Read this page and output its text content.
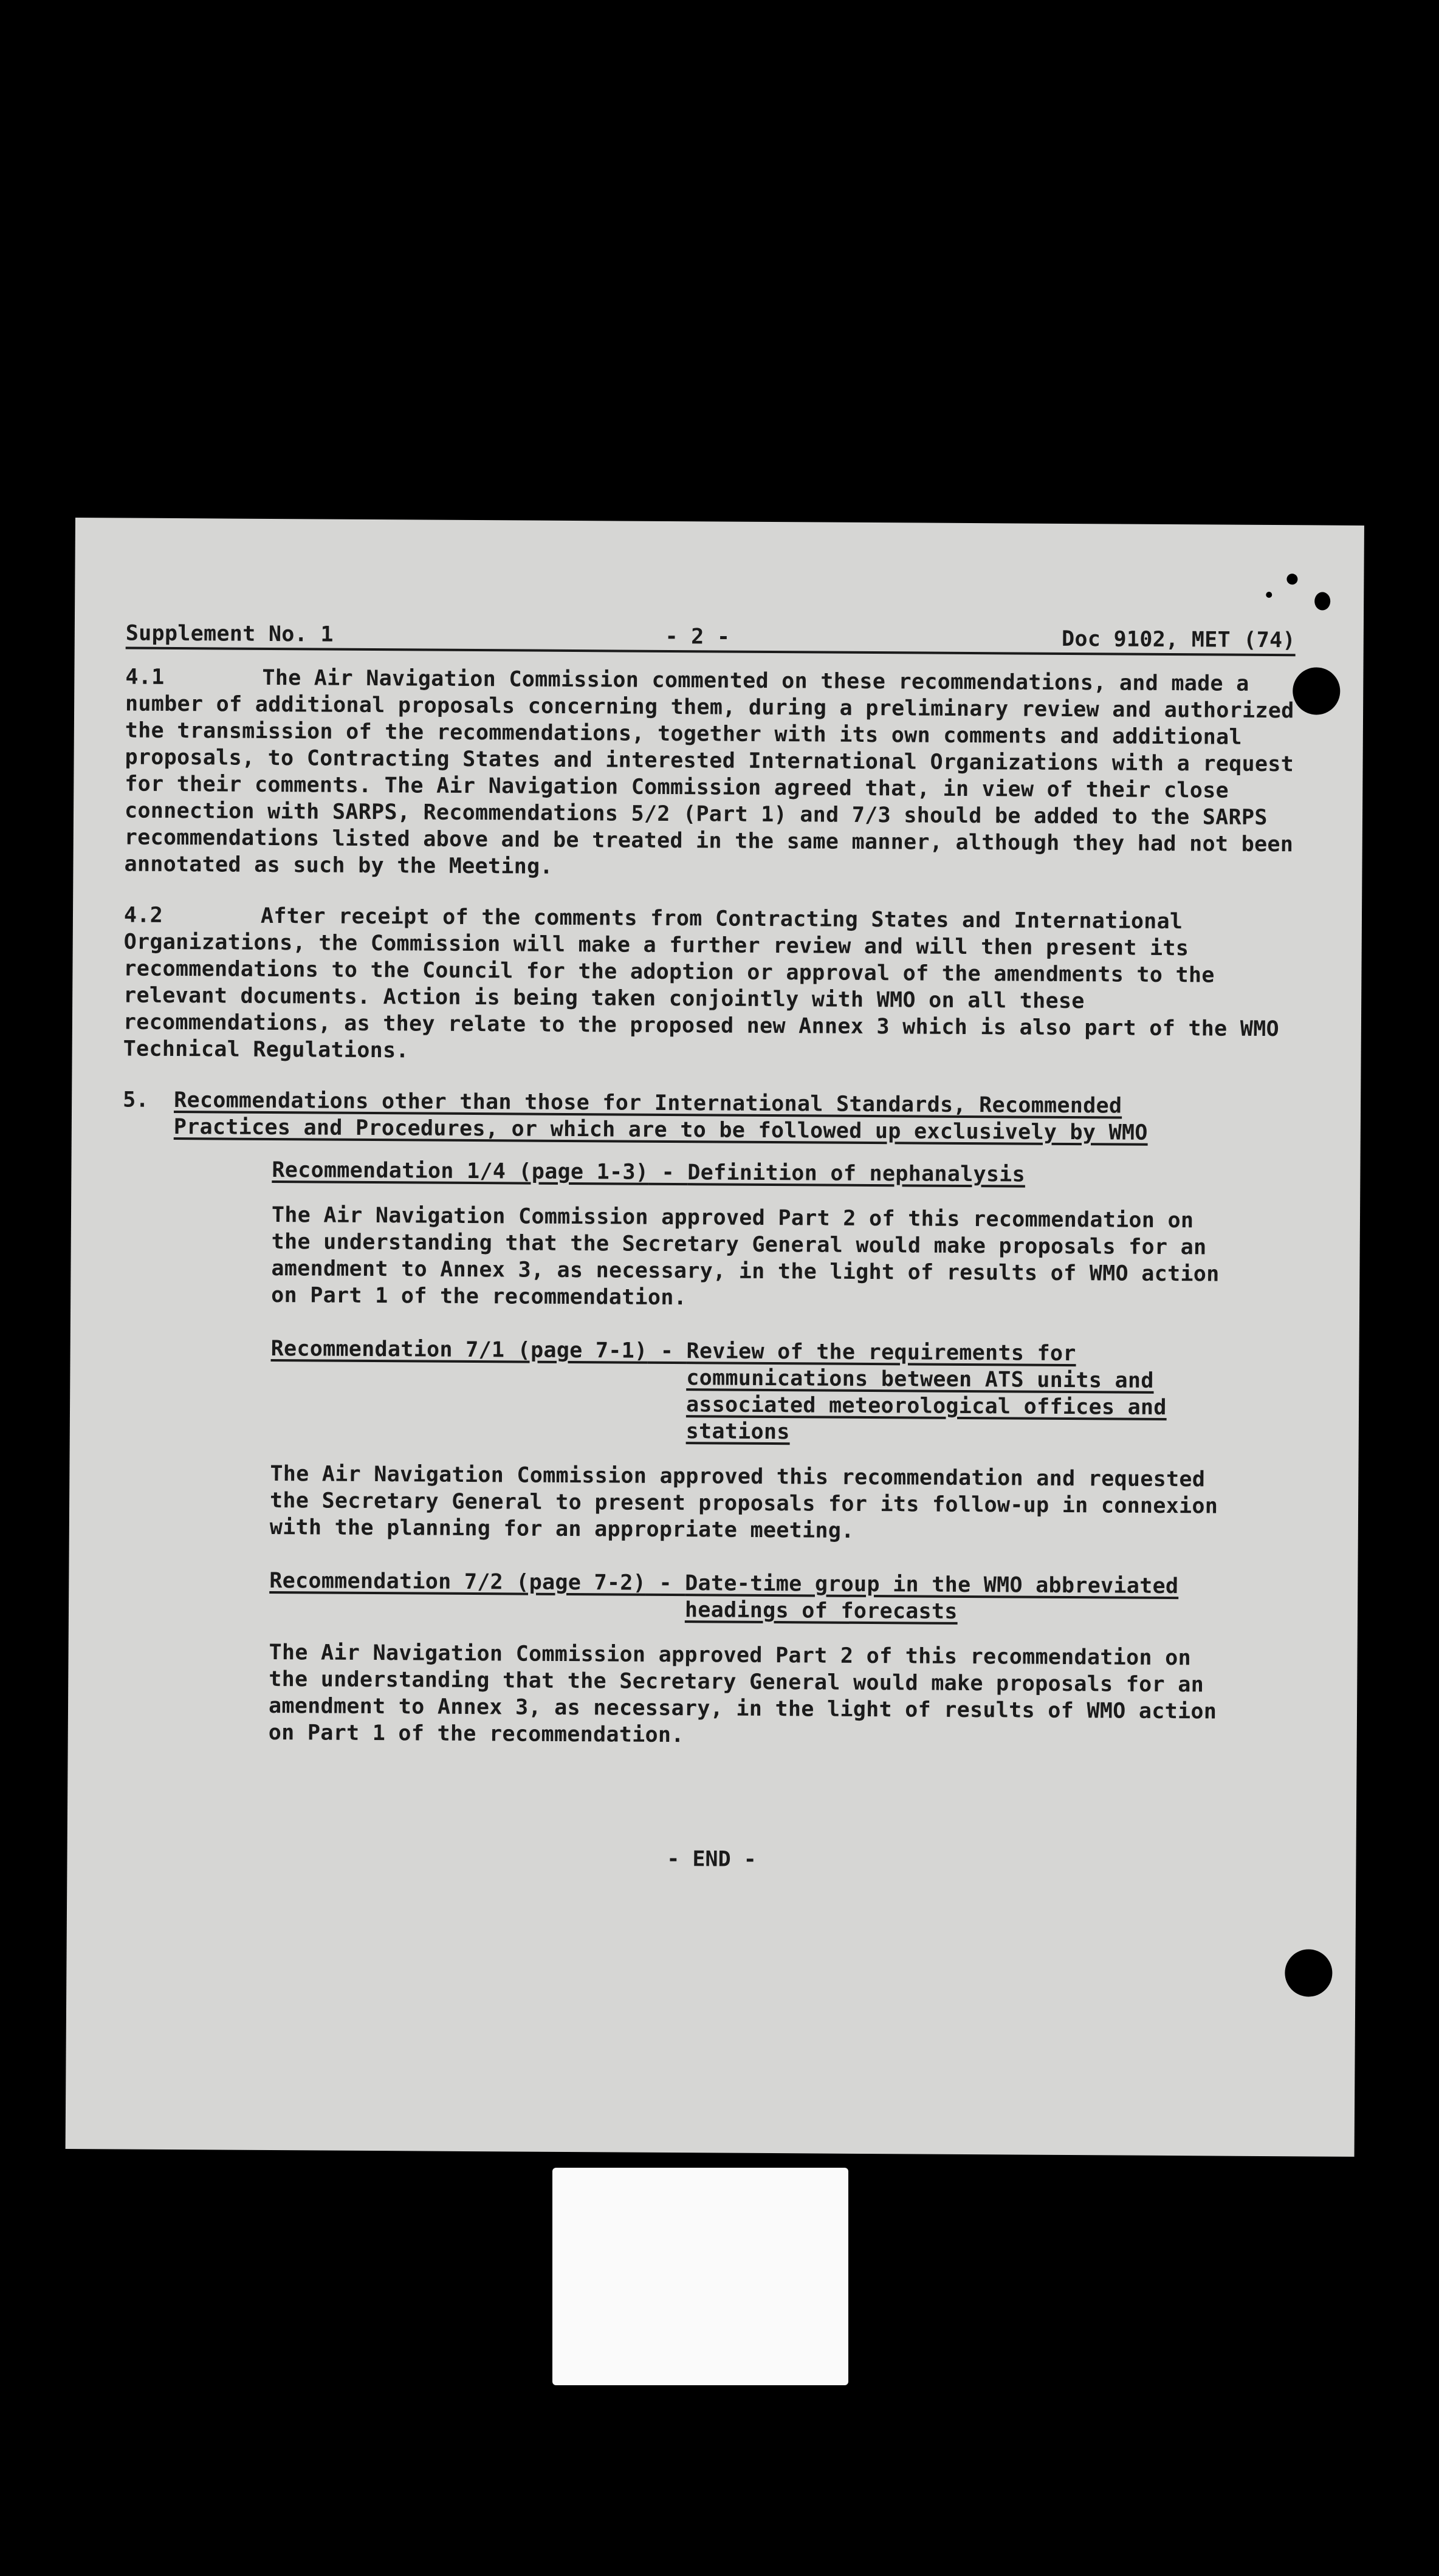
Supplement No. 1	- 2 -	Doc 9102, MET (74)

4.1	The Air Navigation Commission commented on these recommendations, and made a number of additional proposals concerning them, during a preliminary review and authorized the transmission of the recommendations, together with its own comments and additional proposals, to Contracting States and interested International Organizations with a request for their comments. The Air Navigation Commission agreed that, in view of their close connection with SARPS, Recommendations 5/2 (Part 1) and 7/3 should be added to the SARPS recommendations listed above and be treated in the same manner, although they had not been annotated as such by the Meeting.

4.2	After receipt of the comments from Contracting States and International Organizations, the Commission will make a further review and will then present its recommendations to the Council for the adoption or approval of the amendments to the relevant documents. Action is being taken conjointly with WMO on all these recommendations, as they relate to the proposed new Annex 3 which is also part of the WMO Technical Regulations.

5.	Recommendations other than those for International Standards, Recommended Practices and Procedures, or which are to be followed up exclusively by WMO
Recommendation 1/4 (page 1-3) - Definition of nephanalysis

The Air Navigation Commission approved Part 2 of this recommendation on the understanding that the Secretary General would make proposals for an amendment to Annex 3, as necessary, in the light of results of WMO action on Part 1 of the recommendation.

Recommendation 7/1 (page 7-1) - Review of the requirements for communications between ATS units and associated meteorological offices and stations

The Air Navigation Commission approved this recommendation and requested the Secretary General to present proposals for its follow-up in connexion with the planning for an appropriate meeting.

Recommendation 7/2 (page 7-2) - Date-time group in the WMO abbreviated headings of forecasts

The Air Navigation Commission approved Part 2 of this recommendation on the understanding that the Secretary General would make proposals for an amendment to Annex 3, as necessary, in the light of results of WMO action on Part 1 of the recommendation.

- END -
